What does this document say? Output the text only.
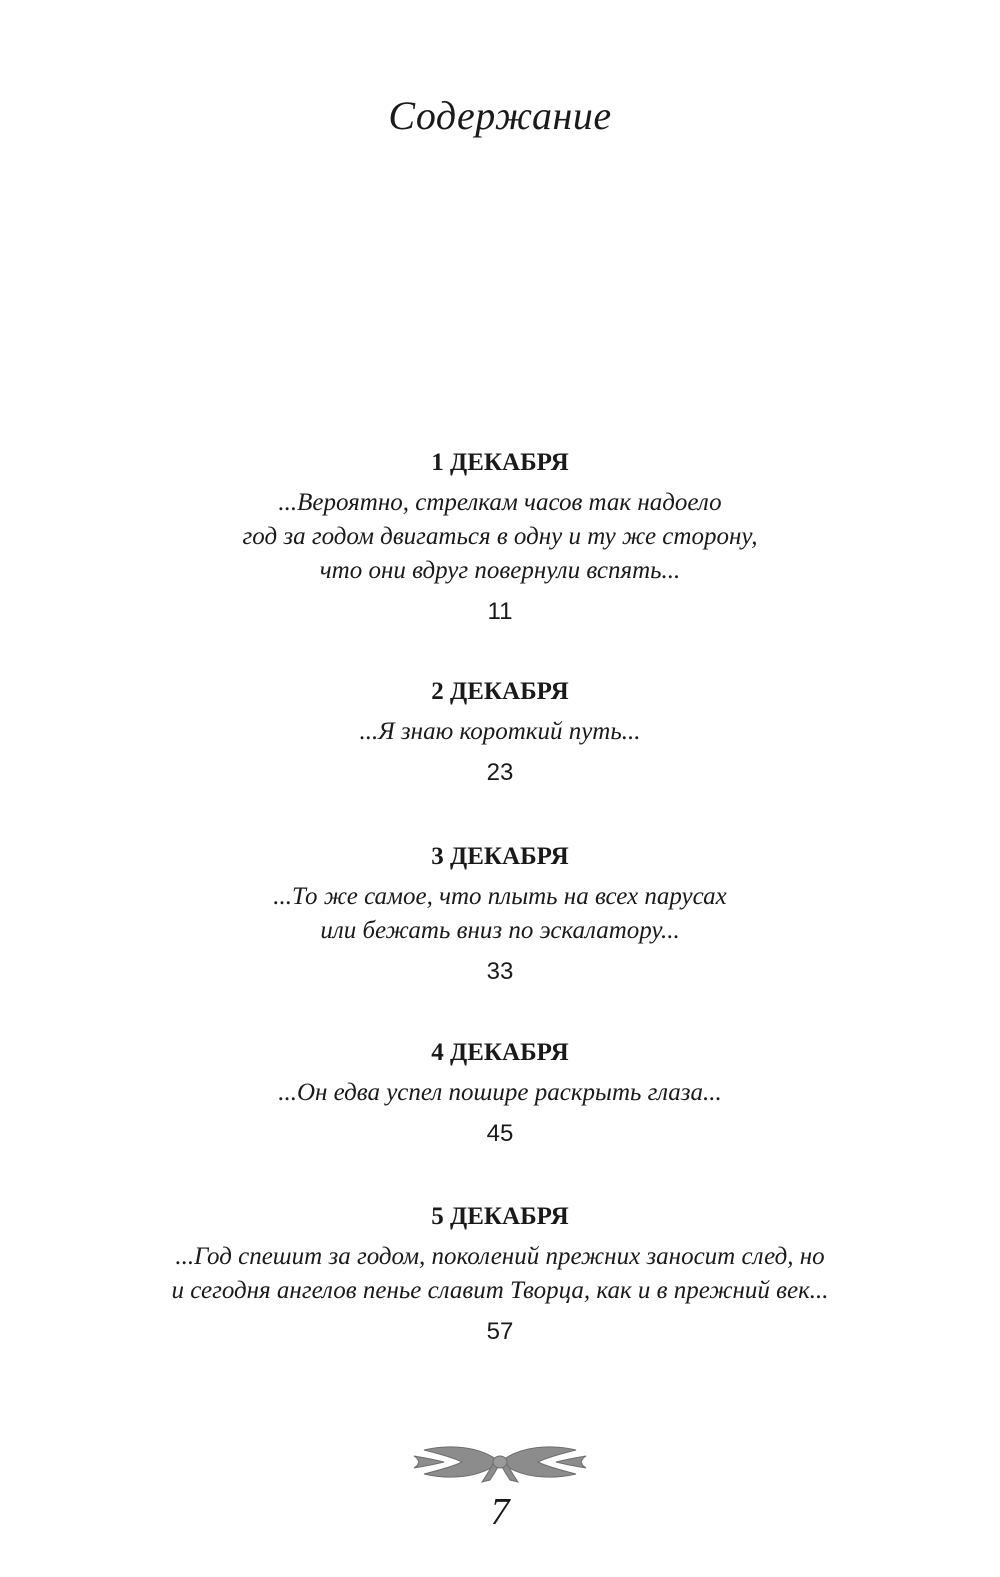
Содержание
1 ДЕКАБРЯ
...Вероятно, стрелкам часов так надоело
год за годом двигаться в одну и ту же сторону,
что они вдруг повернули вспять...
11
2 ДЕКАБРЯ
...Я знаю короткий путь...
23
3 ДЕКАБРЯ
...То же самое, что плыть на всех парусах
или бежать вниз по эскалатору...
33
4 ДЕКАБРЯ
...Он едва успел пошире раскрыть глаза...
45
5 ДЕКАБРЯ
...Год спешит за годом, поколений прежних заносит след, но
и сегодня ангелов пенье славит Творца, как и в прежний век...
57
7
